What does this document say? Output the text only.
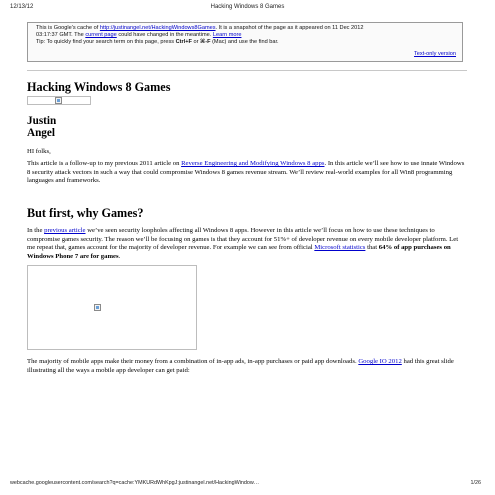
12/13/12	Hacking Windows 8 Games
This is Google's cache of http://justinangel.net/HackingWindows8Games. It is a snapshot of the page as it appeared on 11 Dec 2012
03:17:37 GMT. The current page could have changed in the meantime. Learn more
Tip: To quickly find your search term on this page, press Ctrl+F or ⌘-F (Mac) and use the find bar.
Text-only version
Hacking Windows 8 Games
Justin
Angel
HI folks,
This article is a follow-up to my previous 2011 article on Reverse Engineering and Modifying Windows 8 apps. In this article we’ll see how to use innate Windows 8 security attack vectors in such a way that could compromise Windows 8 games revenue stream. We’ll review real-world examples for all Win8 programming languages and frameworks.
But first, why Games?
In the previous article we’ve seen security loopholes affecting all Windows 8 apps. However in this article we’ll focus on how to use these techniques to compromise games security. The reason we’ll be focusing on games is that they account for 51%+ of developer revenue on every mobile developer platform. Let me repeat that, games account for the majority of developer revenue. For example we can see from official Microsoft statistics that 64% of app purchases on Windows Phone 7 are for games.
The majority of mobile apps make their money from a combination of in-app ads, in-app purchases or paid app downloads. Google IO 2012 had this great slide illustrating all the ways a mobile app developer can get paid:
webcache.googleusercontent.com/search?q=cache:YMKURdWhKpgJ:justinangel.net/HackingWindow…	1/26
